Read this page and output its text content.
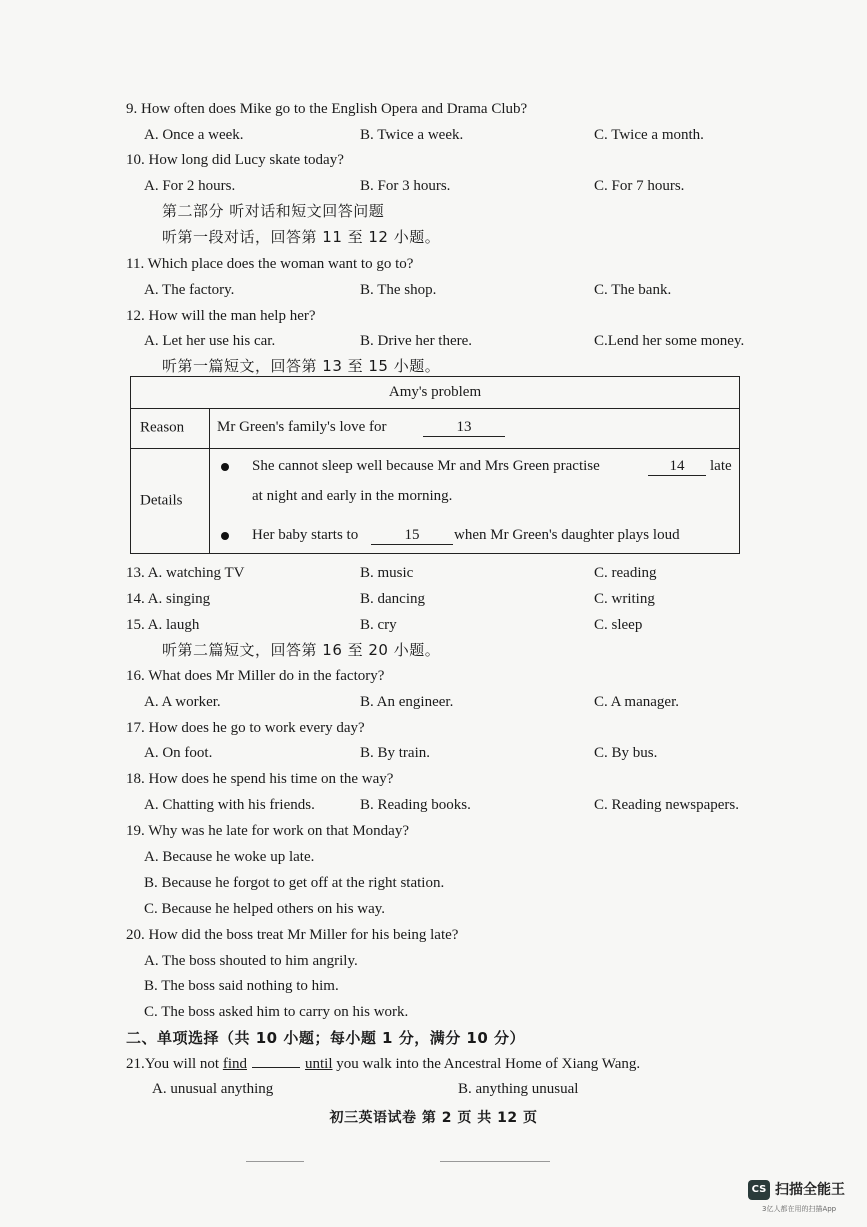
9. How often does Mike go to the English Opera and Drama Club?
A. Once a week.	B. Twice a week.	C. Twice a month.
10. How long did Lucy skate today?
A. For 2 hours.	B. For 3 hours.	C. For 7 hours.
第二部分 听对话和短文回答问题
听第一段对话，回答第 11 至 12 小题。
11. Which place does the woman want to go to?
A. The factory.	B. The shop.	C. The bank.
12. How will the man help her?
A. Let her use his car.	B. Drive her there.	C.Lend her some money.
听第一篇短文，回答第 13 至 15 小题。
Amy's problem
Reason Mr Green's family's love for	13
Details
She cannot sleep well because Mr and Mrs Green practise	14	late
at night and early in the morning.
Her baby starts to	15	when Mr Green's daughter plays loud
13. A. watching TV	B. music	C. reading
14. A. singing	B. dancing	C. writing
15. A. laugh	B. cry	C. sleep
听第二篇短文，回答第 16 至 20 小题。
16. What does Mr Miller do in the factory?
A. A worker.	B. An engineer.	C. A manager.
17. How does he go to work every day?
A. On foot.	B. By train.	C. By bus.
18. How does he spend his time on the way?
A. Chatting with his friends.	B. Reading books.	C. Reading newspapers.
19. Why was he late for work on that Monday?
A. Because he woke up late.
B. Because he forgot to get off at the right station.
C. Because he helped others on his way.
20. How did the boss treat Mr Miller for his being late?
A. The boss shouted to him angrily.
B. The boss said nothing to him.
C. The boss asked him to carry on his work.
二、单项选择（共 10 小题；每小题 1 分，满分 10 分）
21.You will not find	until you walk into the Ancestral Home of Xiang Wang.
A. unusual anything	B. anything unusual
初三英语试卷 第 2 页 共 12 页
CS 扫描全能王
3亿人都在用的扫描App
